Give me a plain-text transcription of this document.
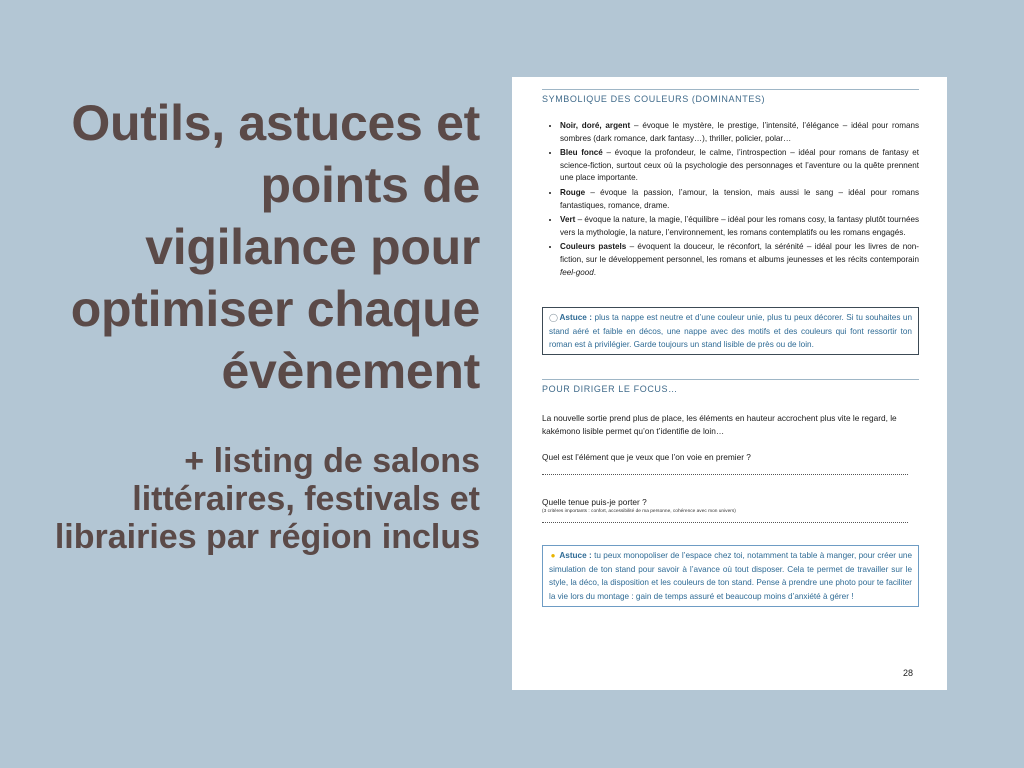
Outils, astuces et points de vigilance pour optimiser chaque évènement

+ listing de salons littéraires, festivals et librairies par région inclus

SYMBOLIQUE DES COULEURS (DOMINANTES)
• Noir, doré, argent – évoque le mystère, le prestige, l’intensité, l’élégance – idéal pour romans sombres (dark romance, dark fantasy…), thriller, policier, polar…
• Bleu foncé – évoque la profondeur, le calme, l’introspection – idéal pour romans de fantasy et science-fiction, surtout ceux où la psychologie des personnages et l’aventure ou la quête prennent une place importante.
• Rouge – évoque la passion, l’amour, la tension, mais aussi le sang – idéal pour romans fantastiques, romance, drame.
• Vert – évoque la nature, la magie, l’équilibre – idéal pour les romans cosy, la fantasy plutôt tournées vers la mythologie, la nature, l’environnement, les romans contemplatifs ou les romans engagés.
• Couleurs pastels – évoquent la douceur, le réconfort, la sérénité – idéal pour les livres de non-fiction, sur le développement personnel, les romans et albums jeunesses et les récits contemporain feel-good.
◯ Astuce : plus ta nappe est neutre et d’une couleur unie, plus tu peux décorer. Si tu souhaites un stand aéré et faible en décos, une nappe avec des motifs et des couleurs qui font ressortir ton roman est à privilégier. Garde toujours un stand lisible de près ou de loin.
POUR DIRIGER LE FOCUS…
La nouvelle sortie prend plus de place, les éléments en hauteur accrochent plus vite le regard, le kakémono lisible permet qu’on t’identifie de loin…
Quel est l’élément que je veux que l’on voie en premier ?
Quelle tenue puis-je porter ?
(3 critères importants : confort, accessibilité de ma personne, cohérence avec mon univers)
● Astuce : tu peux monopoliser de l’espace chez toi, notamment ta table à manger, pour créer une simulation de ton stand pour savoir à l’avance où tout disposer. Cela te permet de travailler sur le style, la déco, la disposition et les couleurs de ton stand. Pense à prendre une photo pour te faciliter la vie lors du montage : gain de temps assuré et beaucoup moins d’anxiété à gérer !
28
